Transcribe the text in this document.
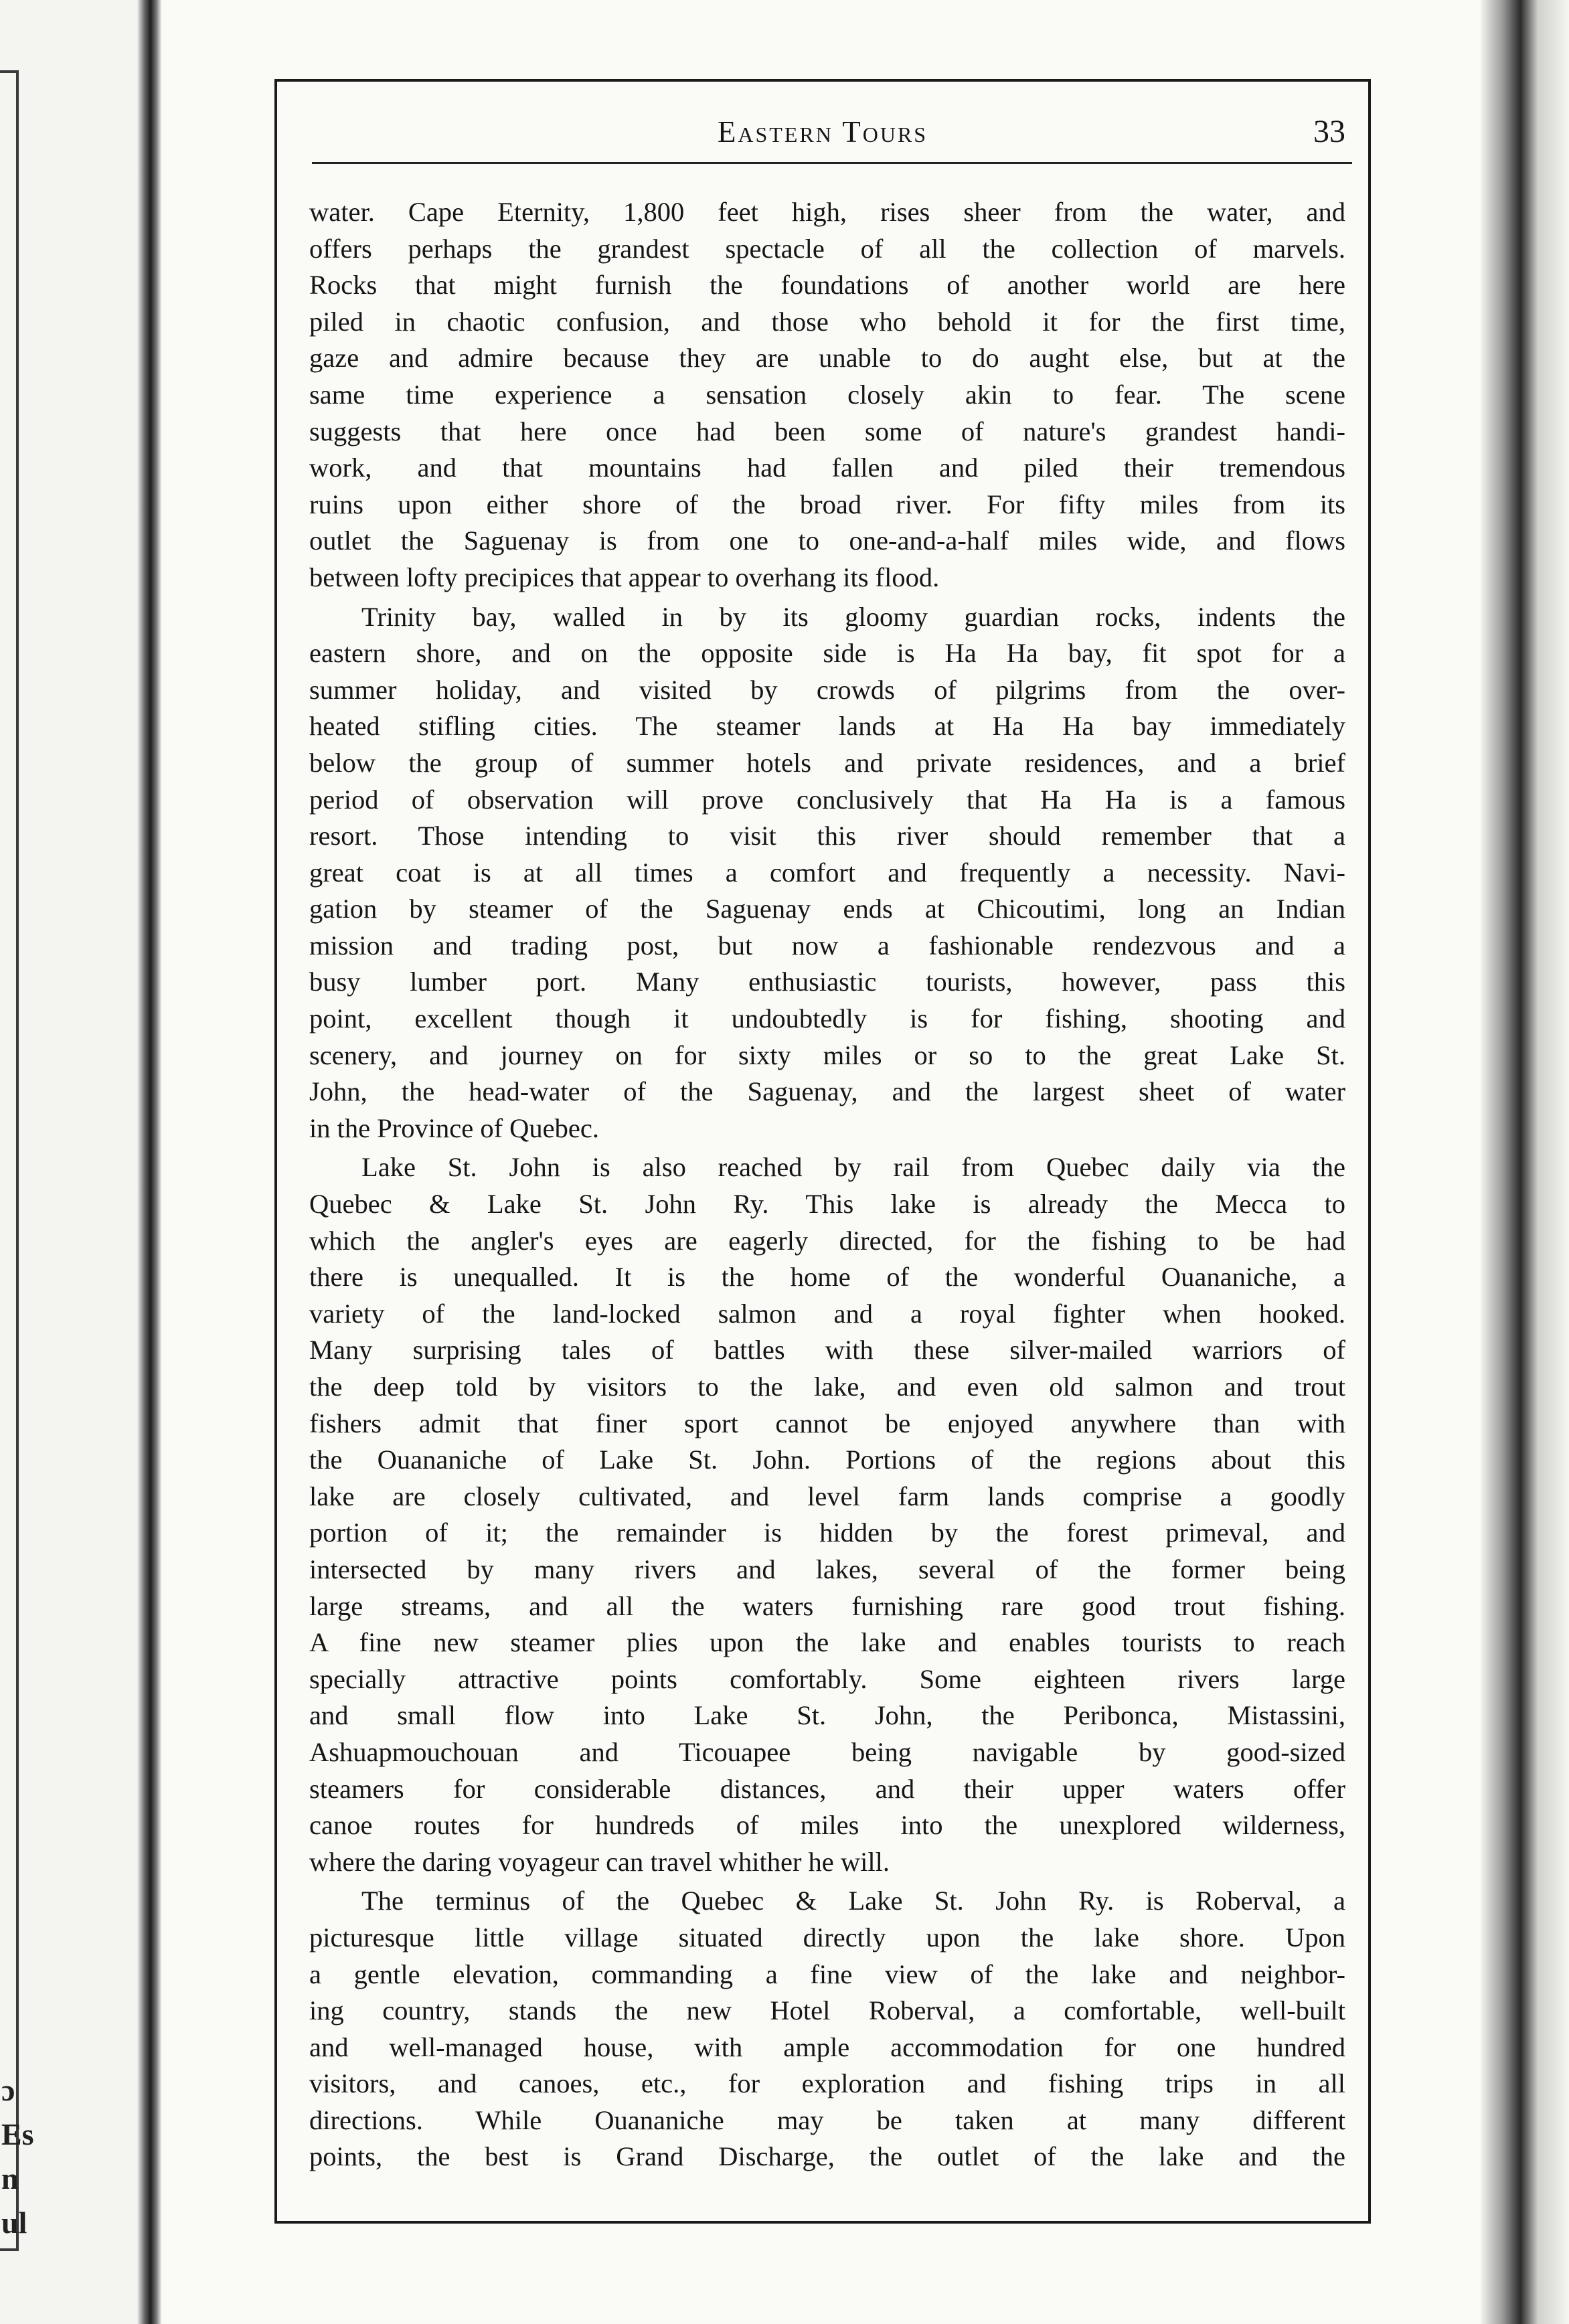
ɔ
Es
n
ul
Eastern Tours	33
water. Cape Eternity, 1,800 feet high, rises sheer from the water, and
offers perhaps the grandest spectacle of all the collection of marvels.
Rocks that might furnish the foundations of another world are here
piled in chaotic confusion, and those who behold it for the first time,
gaze and admire because they are unable to do aught else, but at the
same time experience a sensation closely akin to fear. The scene
suggests that here once had been some of nature's grandest handi-
work, and that mountains had fallen and piled their tremendous
ruins upon either shore of the broad river. For fifty miles from its
outlet the Saguenay is from one to one-and-a-half miles wide, and flows
between lofty precipices that appear to overhang its flood.
Trinity bay, walled in by its gloomy guardian rocks, indents the
eastern shore, and on the opposite side is Ha Ha bay, fit spot for a
summer holiday, and visited by crowds of pilgrims from the over-
heated stifling cities. The steamer lands at Ha Ha bay immediately
below the group of summer hotels and private residences, and a brief
period of observation will prove conclusively that Ha Ha is a famous
resort. Those intending to visit this river should remember that a
great coat is at all times a comfort and frequently a necessity. Navi-
gation by steamer of the Saguenay ends at Chicoutimi, long an Indian
mission and trading post, but now a fashionable rendezvous and a
busy lumber port. Many enthusiastic tourists, however, pass this
point, excellent though it undoubtedly is for fishing, shooting and
scenery, and journey on for sixty miles or so to the great Lake St.
John, the head-water of the Saguenay, and the largest sheet of water
in the Province of Quebec.
Lake St. John is also reached by rail from Quebec daily via the
Quebec & Lake St. John Ry. This lake is already the Mecca to
which the angler's eyes are eagerly directed, for the fishing to be had
there is unequalled. It is the home of the wonderful Ouananiche, a
variety of the land-locked salmon and a royal fighter when hooked.
Many surprising tales of battles with these silver-mailed warriors of
the deep told by visitors to the lake, and even old salmon and trout
fishers admit that finer sport cannot be enjoyed anywhere than with
the Ouananiche of Lake St. John. Portions of the regions about this
lake are closely cultivated, and level farm lands comprise a goodly
portion of it; the remainder is hidden by the forest primeval, and
intersected by many rivers and lakes, several of the former being
large streams, and all the waters furnishing rare good trout fishing.
A fine new steamer plies upon the lake and enables tourists to reach
specially attractive points comfortably. Some eighteen rivers large
and small flow into Lake St. John, the Peribonca, Mistassini,
Ashuapmouchouan and Ticouapee being navigable by good-sized
steamers for considerable distances, and their upper waters offer
canoe routes for hundreds of miles into the unexplored wilderness,
where the daring voyageur can travel whither he will.
The terminus of the Quebec & Lake St. John Ry. is Roberval, a
picturesque little village situated directly upon the lake shore. Upon
a gentle elevation, commanding a fine view of the lake and neighbor-
ing country, stands the new Hotel Roberval, a comfortable, well-built
and well-managed house, with ample accommodation for one hundred
visitors, and canoes, etc., for exploration and fishing trips in all
directions. While Ouananiche may be taken at many different
points, the best is Grand Discharge, the outlet of the lake and the
